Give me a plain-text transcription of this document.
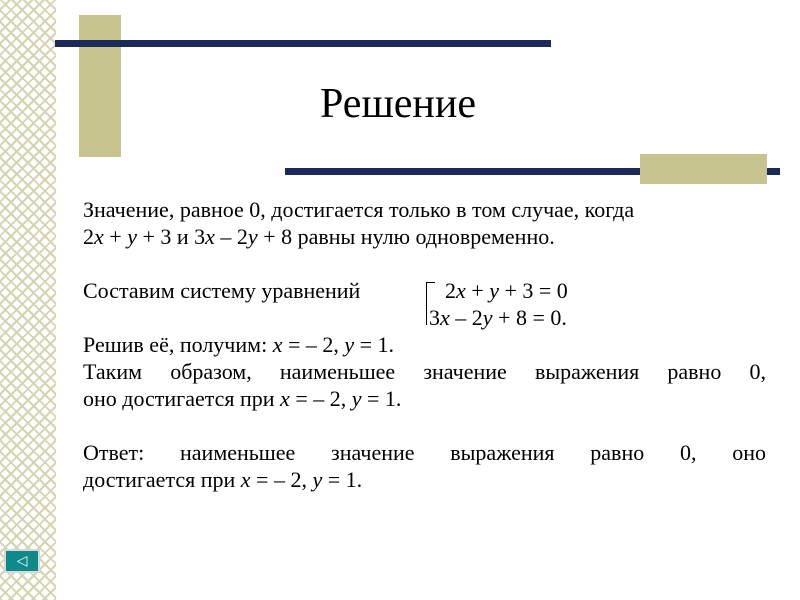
Решение

Значение, равное 0, достигается только в том случае, когда

2x + y + 3 и 3x – 2y + 8 равны нулю одновременно.

Составим систему уравнений	2x + y + 3 = 0
3x – 2y + 8 = 0.

Решив её, получим: x = – 2, y = 1.

Таким образом, наименьшее значение выражения равно 0,

оно достигается при x = – 2, y = 1.

Ответ: наименьшее значение выражения равно 0, оно

достигается при x = – 2, y = 1.

◁
